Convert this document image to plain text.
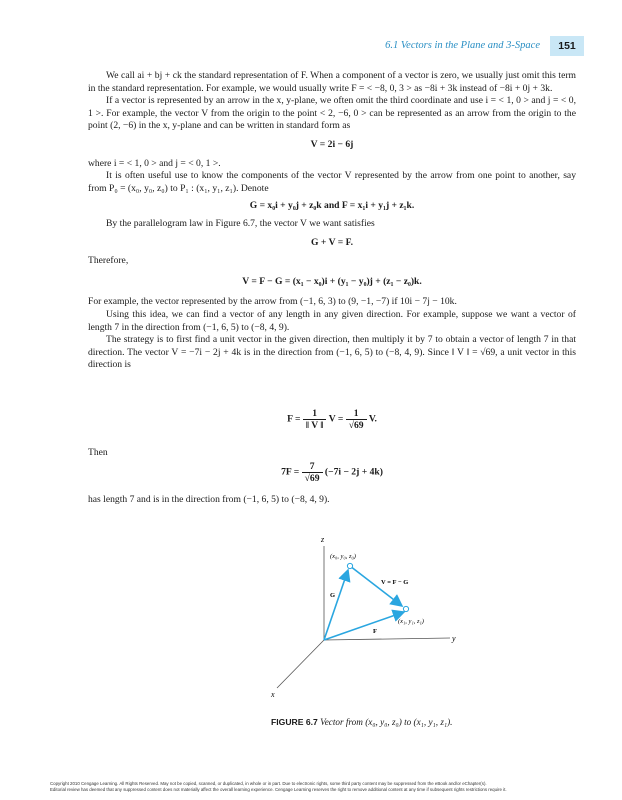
6.1 Vectors in the Plane and 3-Space	151

We call ai + bj + ck the standard representation of F. When a component of a vector is zero, we usually just omit this term in the standard representation. For example, we would usually write F = < −8, 0, 3 > as −8i + 3k instead of −8i + 0j + 3k.

If a vector is represented by an arrow in the x, y-plane, we often omit the third coordinate and use i = < 1, 0 > and j = < 0, 1 >. For example, the vector V from the origin to the point < 2, −6, 0 > can be represented as an arrow from the origin to the point (2, −6) in the x, y-plane and can be written in standard form as

V = 2i − 6j

where i = < 1, 0 > and j = < 0, 1 >.

It is often useful use to know the components of the vector V represented by the arrow from one point to another, say from P₀ = (x₀, y₀, z₀) to P₁ : (x₁, y₁, z₁). Denote

G = x₀i + y₀j + z₀k and F = x₁i + y₁j + z₁k.

By the parallelogram law in Figure 6.7, the vector V we want satisfies

G + V = F.

Therefore,

V = F − G = (x₁ − x₀)i + (y₁ − y₀)j + (z₁ − z₀)k.

For example, the vector represented by the arrow from (−1, 6, 3) to (9, −1, −7) if 10i − 7j − 10k.

Using this idea, we can find a vector of any length in any given direction. For example, suppose we want a vector of length 7 in the direction from (−1, 6, 5) to (−8, 4, 9).

The strategy is to first find a unit vector in the given direction, then multiply it by 7 to obtain a vector of length 7 in that direction. The vector V = −7i − 2j + 4k is in the direction from (−1, 6, 5) to (−8, 4, 9). Since ‖ V ‖ = √69, a unit vector in this direction is

$F = \frac{1}{‖ V ‖}$ $V = \frac{1}{√69} V$.
Then
$7F = \frac{7}{√69} (-7i - 2j + 4k)$
has length 7 and is in the direction from (−1, 6, 5) to (−8, 4, 9).
z
y
x
(x₀, y₀, z₀)
(x₁, y₁, z₁)
V = F − G
G
F
FIGURE 6.7 Vector from (x₀, y₀, z₀) to (x₁, y₁, z₁).
Copyright 2010 Cengage Learning. All Rights Reserved. May not be copied, scanned, or duplicated, in whole or in part. Due to electronic rights, some third party content may be suppressed from the eBook and/or eChapter(s).
Editorial review has deemed that any suppressed content does not materially affect the overall learning experience. Cengage Learning reserves the right to remove additional content at any time if subsequent rights restrictions require it.
